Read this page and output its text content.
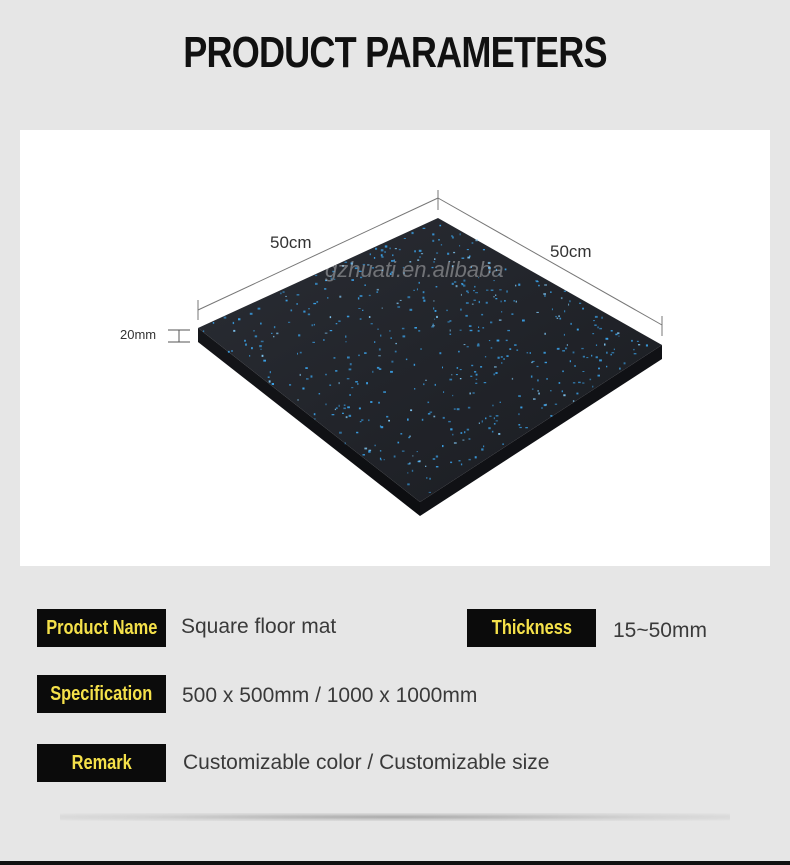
PRODUCT PARAMETERS
50cm	50cm
20mm
gzhuati.en.alibaba
Product Name Square floor mat	Thickness 15~50mm
Specification 500 x 500mm / 1000 x 1000mm
Remark Customizable color / Customizable size
